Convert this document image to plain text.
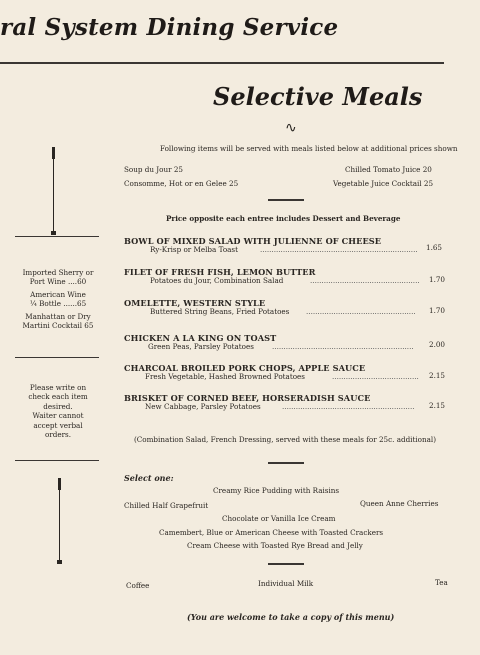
ral System Dining Service
Selective Meals
∿
Following items will be served with meals listed below at additional prices shown
Soup du Jour 25	Chilled Tomato Juice 20
Consomme, Hot or en Gelee 25	Vegetable Juice Cocktail 25
Price opposite each entree includes Dessert and Beverage
BOWL OF MIXED SALAD WITH JULIENNE OF CHEESE
Ry-Krisp or Melba Toast	.....................................................................	1.65
FILET OF FRESH FISH, LEMON BUTTER
Potatoes du Jour, Combination Salad	................................................	1.70
OMELETTE, WESTERN STYLE
Buttered String Beans, Fried Potatoes ................................................	1.70
CHICKEN A LA KING ON TOAST
Green Peas, Parsley Potatoes	..............................................................	2.00
CHARCOAL BROILED PORK CHOPS, APPLE SAUCE
Fresh Vegetable, Hashed Browned Potatoes	......................................	2.15
BRISKET OF CORNED BEEF, HORSERADISH SAUCE
New Cabbage, Parsley Potatoes	..........................................................	2.15
(Combination Salad, French Dressing, served with these meals for 25c. additional)
Select one:
Creamy Rice Pudding with Raisins
Chilled Half Grapefruit	Queen Anne Cherries
Chocolate or Vanilla Ice Cream
Camembert, Blue or American Cheese with Toasted Crackers
Cream Cheese with Toasted Rye Bread and Jelly
Coffee	Individual Milk	Tea
(You are welcome to take a copy of this menu)
Imported Sherry or
Port Wine ....60
American Wine
¼ Bottle ......65
Manhattan or Dry
Martini Cocktail 65
Please write on
check each item
desired.
Waiter cannot
accept verbal
orders.
